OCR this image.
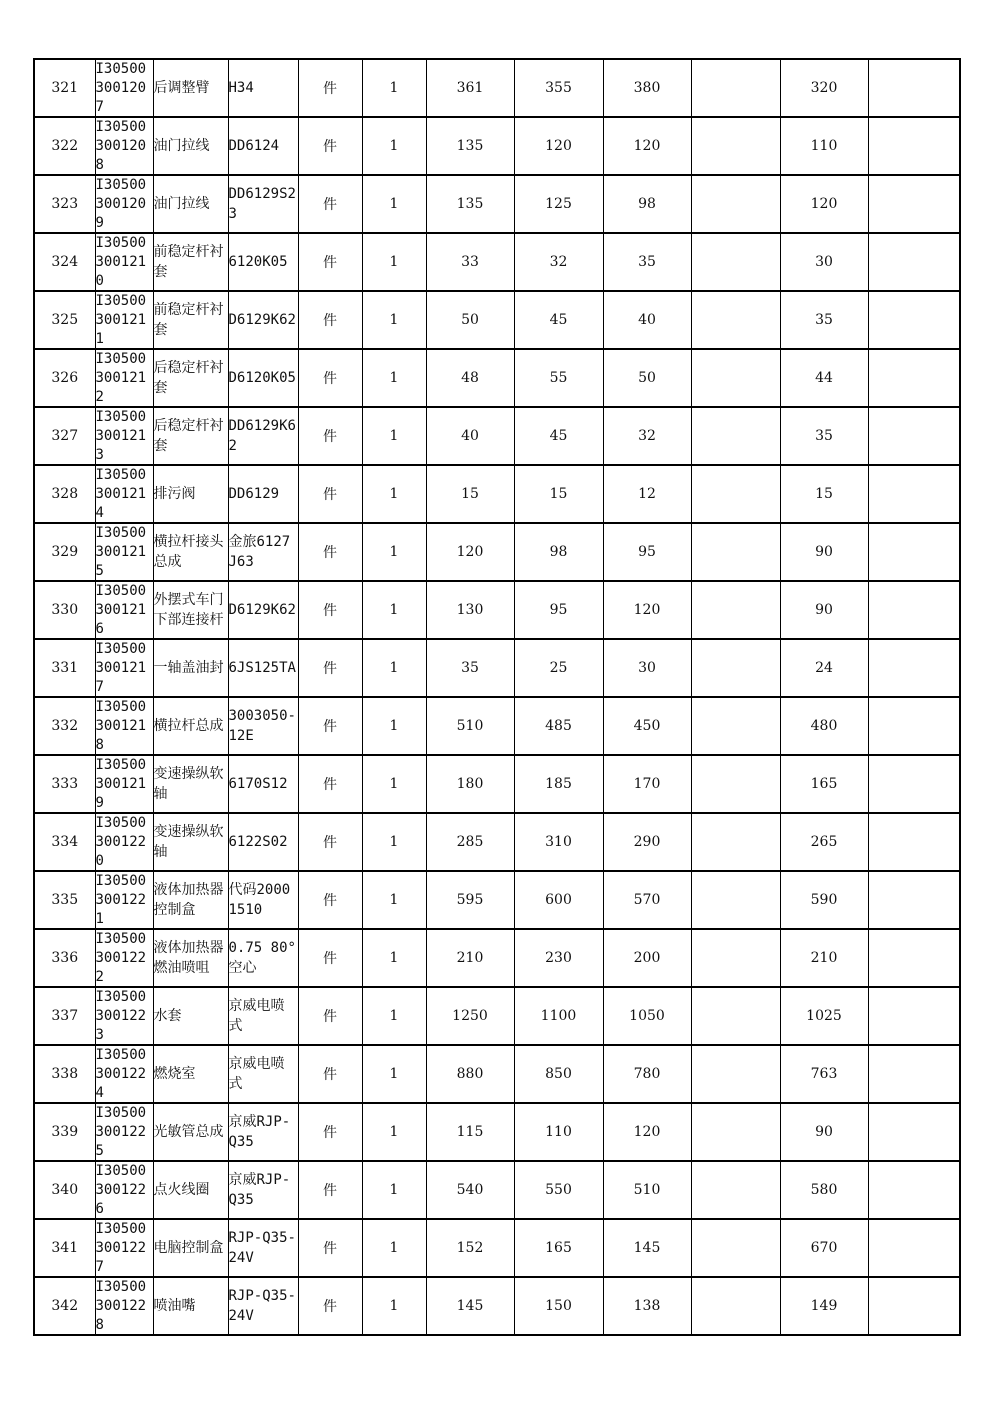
321	I30500300120 7	后调整臂	H34	件	1	361	355	380		320	

322	I30500300120 8	油门拉线	DD6124	件	1	135	120	120		110	

323	I30500300120 9	油门拉线	DD6129S23	件	1	135	125	98		120	

324	I30500300121 0	前稳定杆衬套	6120K05	件	1	33	32	35		30	

325	I30500300121 1	前稳定杆衬套	D6129K62	件	1	50	45	40		35	

326	I30500300121 2	后稳定杆衬套	D6120K05	件	1	48	55	50		44	

327	I30500300121 3	后稳定杆衬套	DD6129K62	件	1	40	45	32		35	

328	I30500300121 4	排污阀	DD6129	件	1	15	15	12		15	

329	I30500300121 5	横拉杆接头总成	金旅6127J63	件	1	120	98	95		90	

330	I30500300121 6	外摆式车门下部连接杆	D6129K62	件	1	130	95	120		90	

331	I30500300121 7	一轴盖油封	6JS125TA	件	1	35	25	30		24	

332	I30500300121 8	横拉杆总成	3003050-12E	件	1	510	485	450		480	

333	I30500300121 9	变速操纵软轴	6170S12	件	1	180	185	170		165	

334	I30500300122 0	变速操纵软轴	6122S02	件	1	285	310	290		265	

335	I30500300122 1	液体加热器控制盒	代码20001510	件	1	595	600	570		590	

336	I30500300122 2	液体加热器燃油喷咀	0.75 80° 空心	件	1	210	230	200		210	

337	I30500300122 3	水套	京威电喷式	件	1	1250	1100	1050		1025	

338	I30500300122 4	燃烧室	京威电喷式	件	1	880	850	780		763	

339	I30500300122 5	光敏管总成	京威RJP-Q35	件	1	115	110	120		90	

340	I30500300122 6	点火线圈	京威RJP-Q35	件	1	540	550	510		580	

341	I30500300122 7	电脑控制盒	RJP-Q35-24V	件	1	152	165	145		670	

342	I30500300122 8	喷油嘴	RJP-Q35-24V	件	1	145	150	138		149	
